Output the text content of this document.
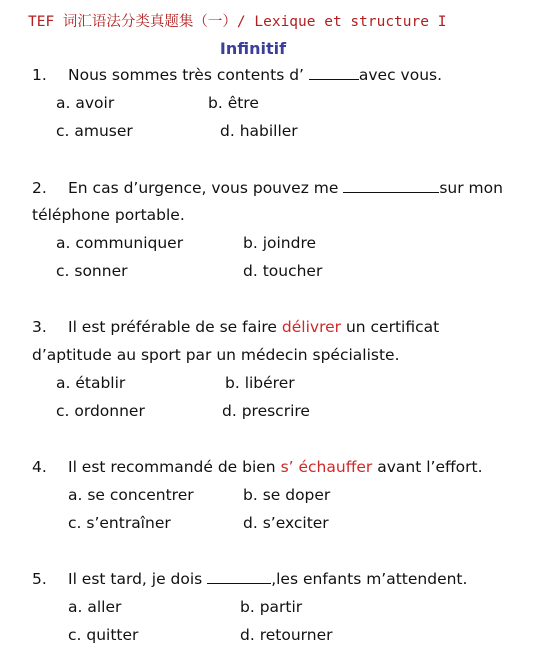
TEF 词汇语法分类真题集（一）/ Lexique et structure I
Infinitif
1. Nous sommes très contents d’	avec vous.
a. avoir	b. être
c. amuser	d. habiller
2. En cas d’urgence, vous pouvez me	sur mon
téléphone portable.
a. communiquer	b. joindre
c. sonner	d. toucher
3. Il est préférable de se faire délivrer un certificat
d’aptitude au sport par un médecin spécialiste.
a. établir	b. libérer
c. ordonner	d. prescrire
4. Il est recommandé de bien s’ échauffer avant l’effort.
a. se concentrer	b. se doper
c. s’entraîner	d. s’exciter
5. Il est tard, je dois	,les enfants m’attendent.
a. aller	b. partir
c. quitter	d. retourner
